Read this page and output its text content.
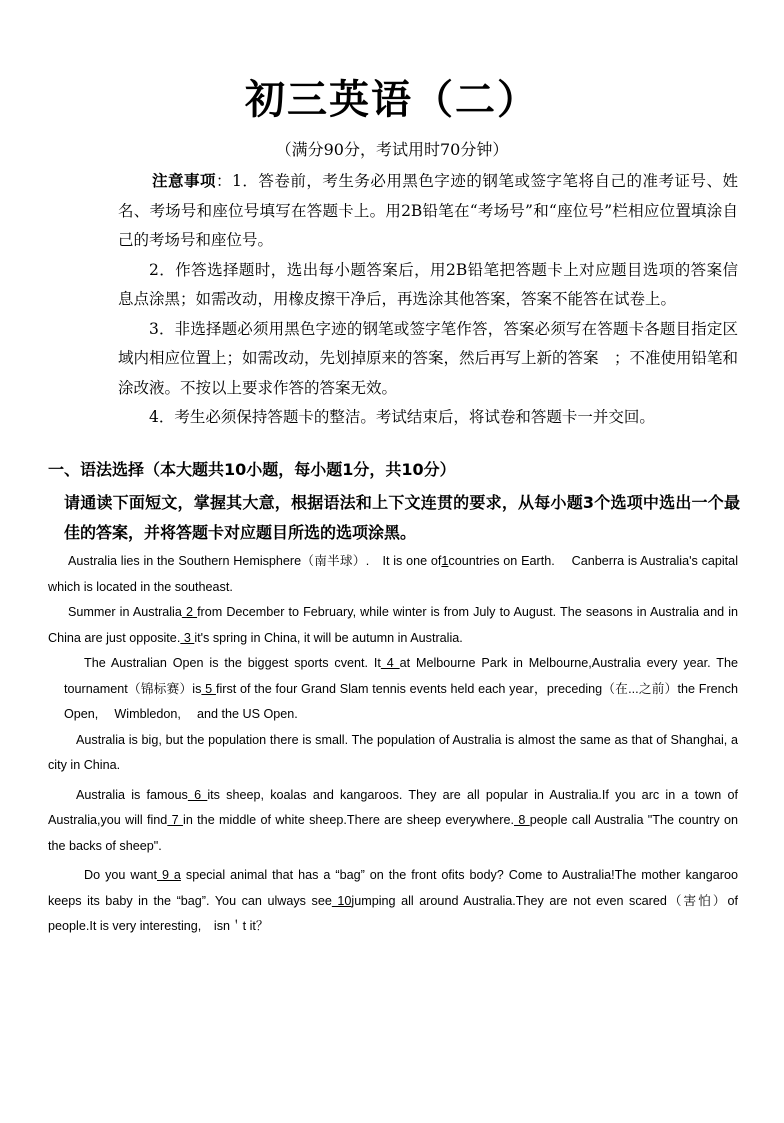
初三英语（二）
（满分90分，考试用时70分钟）

注意事项：1．答卷前，考生务必用黑色字迹的钢笔或签字笔将自己的准考证号、姓名、考场号和座位号填写在答题卡上。用2B铅笔在“考场号”和“座位号”栏相应位置填涂自己的考场号和座位号。

2．作答选择题时，选出每小题答案后，用2B铅笔把答题卡上对应题目选项的答案信息点涂黑；如需改动，用橡皮擦干净后，再选涂其他答案，答案不能答在试卷上。

3．非选择题必须用黑色字迹的钢笔或签字笔作答，答案必须写在答题卡各题目指定区域内相应位置上；如需改动，先划掉原来的答案，然后再写上新的答案　；不准使用铅笔和涂改液。不按以上要求作答的答案无效。

4．考生必须保持答题卡的整洁。考试结束后，将试卷和答题卡一并交回。

一、语法选择（本大题共10小题，每小题1分，共10分）

请通读下面短文，掌握其大意，根据语法和上下文连贯的要求，从每小题3个选项中选出一个最佳的答案，并将答题卡对应题目所选的选项涂黑。

Australia lies in the Southern Hemisphere（南半球）.　It is one of1countries on Earth.　 Canberra is Australia's capital which is located in the southeast.

Summer in Australia 2 from December to February, while winter is from July to August. The seasons in Australia and in China are just opposite. 3 it's spring in China, it will be autumn in Australia.

The Australian Open is the biggest sports cvent. It 4 at Melbourne Park in Melbourne,Australia every year. The tournament（锦标赛）is 5 first of the four Grand Slam tennis events held each year，preceding（在...之前）the French Open,　 Wimbledon,　 and the US Open.

Australia is big, but the population there is small. The population of Australia is almost the same as that of Shanghai, a city in China.

Australia is famous 6 its sheep, koalas and kangaroos. They are all popular in Australia.If you arc in a town of Australia,you will find 7 in the middle of white sheep.There are sheep everywhere. 8 people call Australia "The country on the backs of sheep".

Do you want 9 a special animal that has a “bag” on the front ofits body? Come to Australia!The mother kangaroo keeps its baby in the “bag”. You can ulways see 10jumping all around Australia.They are not even scared（害怕）of people.It is very interesting,　isn＇t it？
